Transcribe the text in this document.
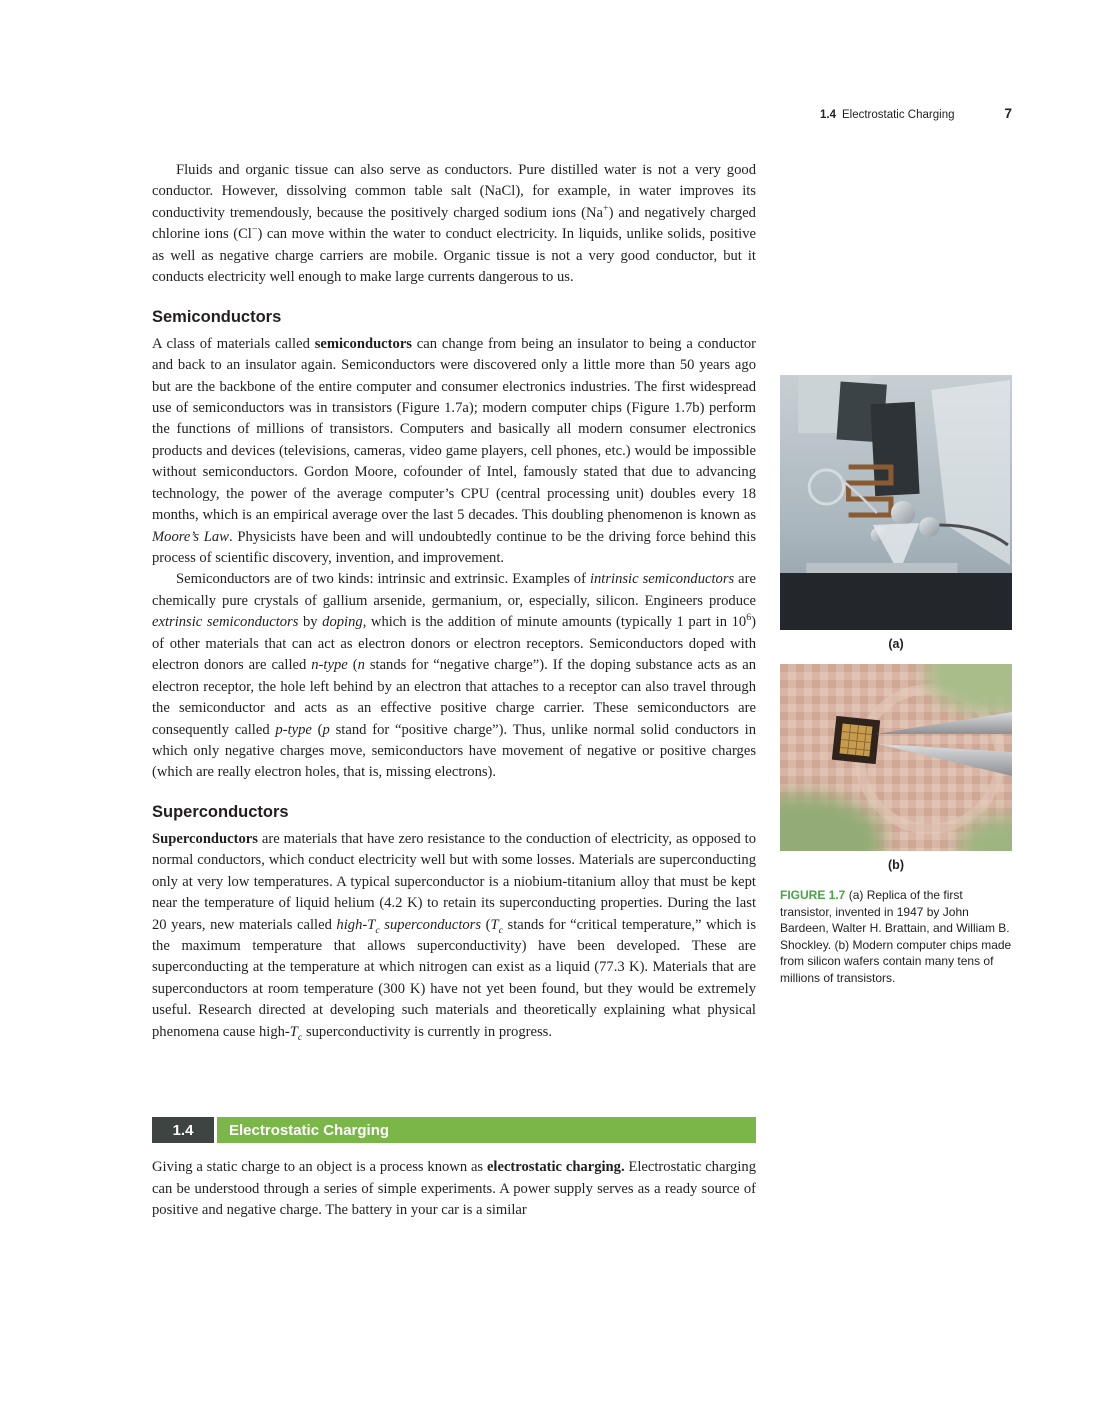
1.4 Electrostatic Charging	7

Fluids and organic tissue can also serve as conductors. Pure distilled water is not a very good conductor. However, dissolving common table salt (NaCl), for example, in water improves its conductivity tremendously, because the positively charged sodium ions (Na+) and negatively charged chlorine ions (Cl−) can move within the water to conduct electricity. In liquids, unlike solids, positive as well as negative charge carriers are mobile. Organic tissue is not a very good conductor, but it conducts electricity well enough to make large currents dangerous to us.

Semiconductors

A class of materials called semiconductors can change from being an insulator to being a conductor and back to an insulator again. Semiconductors were discovered only a little more than 50 years ago but are the backbone of the entire computer and consumer electronics industries. The first widespread use of semiconductors was in transistors (Figure 1.7a); modern computer chips (Figure 1.7b) perform the functions of millions of transistors. Computers and basically all modern consumer electronics products and devices (televisions, cameras, video game players, cell phones, etc.) would be impossible without semiconductors. Gordon Moore, cofounder of Intel, famously stated that due to advancing technology, the power of the average computer’s CPU (central processing unit) doubles every 18 months, which is an empirical average over the last 5 decades. This doubling phenomenon is known as Moore’s Law. Physicists have been and will undoubtedly continue to be the driving force behind this process of scientific discovery, invention, and improvement.

Semiconductors are of two kinds: intrinsic and extrinsic. Examples of intrinsic semiconductors are chemically pure crystals of gallium arsenide, germanium, or, especially, silicon. Engineers produce extrinsic semiconductors by doping, which is the addition of minute amounts (typically 1 part in $10^6$) of other materials that can act as electron donors or electron receptors. Semiconductors doped with electron donors are called n-type (n stands for “negative charge”). If the doping substance acts as an electron receptor, the hole left behind by an electron that attaches to a receptor can also travel through the semiconductor and acts as an effective positive charge carrier. These semiconductors are consequently called p-type (p stand for “positive charge”). Thus, unlike normal solid conductors in which only negative charges move, semiconductors have movement of negative or positive charges (which are really electron holes, that is, missing electrons).

Superconductors

Superconductors are materials that have zero resistance to the conduction of electricity, as opposed to normal conductors, which conduct electricity well but with some losses. Materials are superconducting only at very low temperatures. A typical superconductor is a niobium-titanium alloy that must be kept near the temperature of liquid helium (4.2 K) to retain its superconducting properties. During the last 20 years, new materials called high-$T_c$ superconductors ($T_c$ stands for “critical temperature,” which is the maximum temperature that allows superconductivity) have been developed. These are superconducting at the temperature at which nitrogen can exist as a liquid (77.3 K). Materials that are superconductors at room temperature (300 K) have not yet been found, but they would be extremely useful. Research directed at developing such materials and theoretically explaining what physical phenomena cause high-$T_c$ superconductivity is currently in progress.

1.4	Electrostatic Charging

Giving a static charge to an object is a process known as electrostatic charging. Electrostatic charging can be understood through a series of simple experiments. A power supply serves as a ready source of positive and negative charge. The battery in your car is a similar

(a)
(b)

FIGURE 1.7 (a) Replica of the first transistor, invented in 1947 by John Bardeen, Walter H. Brattain, and William B. Shockley. (b) Modern computer chips made from silicon wafers contain many tens of millions of transistors.
